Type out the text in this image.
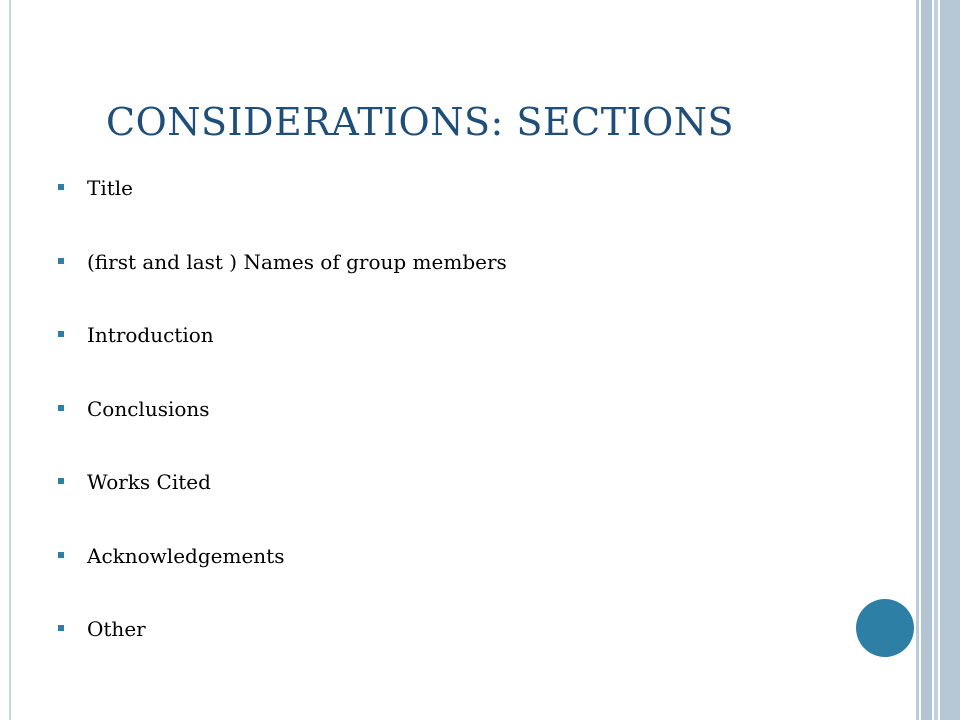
CONSIDERATIONS: SECTIONS
Title
(first and last ) Names of group members
Introduction
Conclusions
Works Cited
Acknowledgements
Other
